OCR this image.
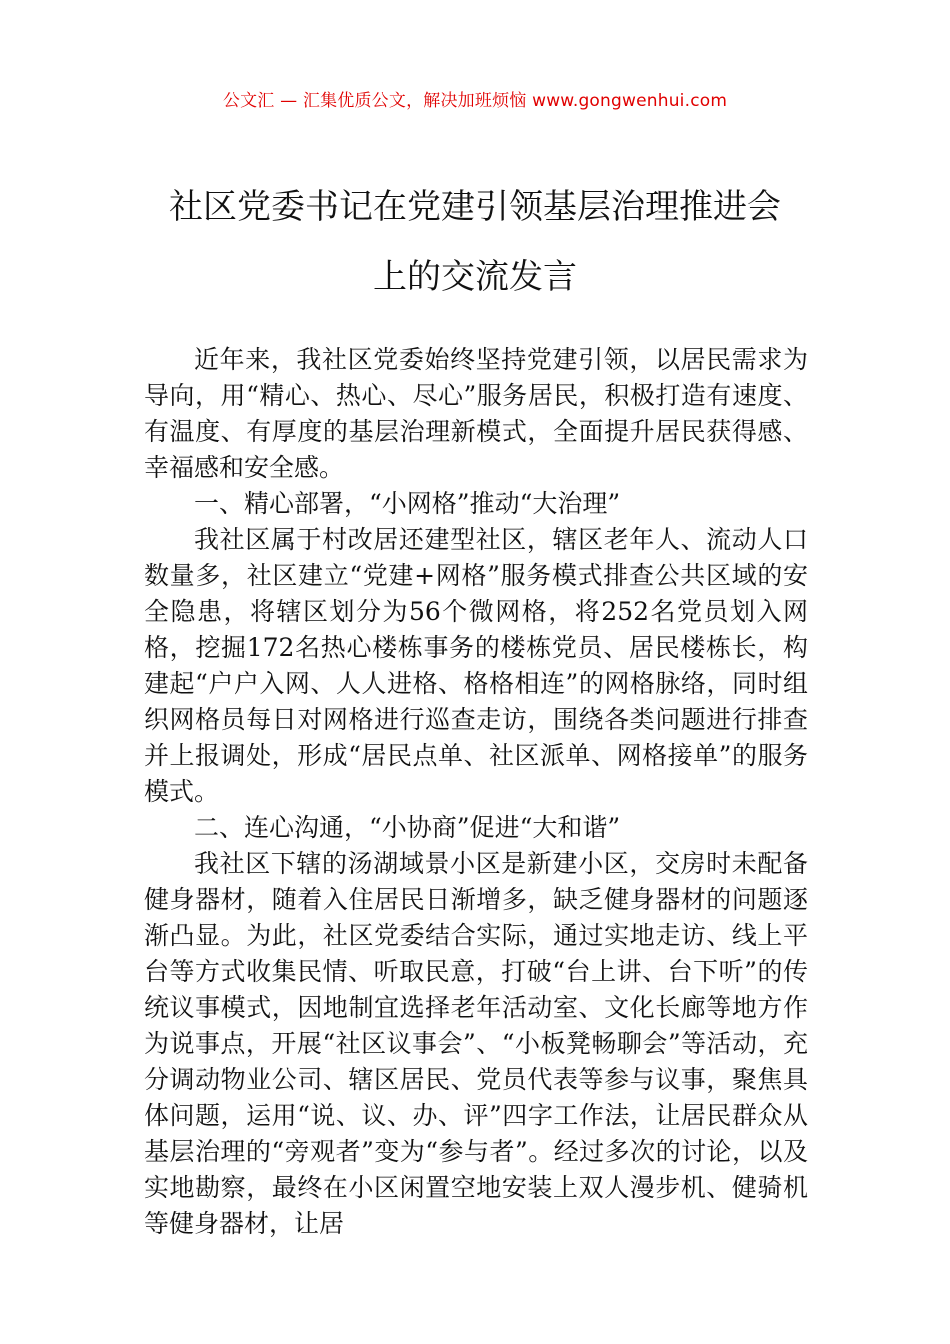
公文汇 — 汇集优质公文，解决加班烦恼 www.gongwenhui.com
社区党委书记在党建引领基层治理推进会
上的交流发言

近年来，我社区党委始终坚持党建引领，以居民需求为导向，用“精心、热心、尽心”服务居民，积极打造有速度、有温度、有厚度的基层治理新模式，全面提升居民获得感、幸福感和安全感。

一、精心部署，“小网格”推动“大治理”

我社区属于村改居还建型社区，辖区老年人、流动人口数量多，社区建立“党建+网格”服务模式排查公共区域的安全隐患，将辖区划分为56个微网格，将252名党员划入网格，挖掘172名热心楼栋事务的楼栋党员、居民楼栋长，构建起“户户入网、人人进格、格格相连”的网格脉络，同时组织网格员每日对网格进行巡查走访，围绕各类问题进行排查并上报调处，形成“居民点单、社区派单、网格接单”的服务模式。

二、连心沟通，“小协商”促进“大和谐”

我社区下辖的汤湖域景小区是新建小区，交房时未配备健身器材，随着入住居民日渐增多，缺乏健身器材的问题逐渐凸显。为此，社区党委结合实际，通过实地走访、线上平台等方式收集民情、听取民意，打破“台上讲、台下听”的传统议事模式，因地制宜选择老年活动室、文化长廊等地方作为说事点，开展“社区议事会”、“小板凳畅聊会”等活动，充分调动物业公司、辖区居民、党员代表等参与议事，聚焦具体问题，运用“说、议、办、评”四字工作法，让居民群众从基层治理的“旁观者”变为“参与者”。经过多次的讨论，以及实地勘察，最终在小区闲置空地安装上双人漫步机、健骑机等健身器材，让居
